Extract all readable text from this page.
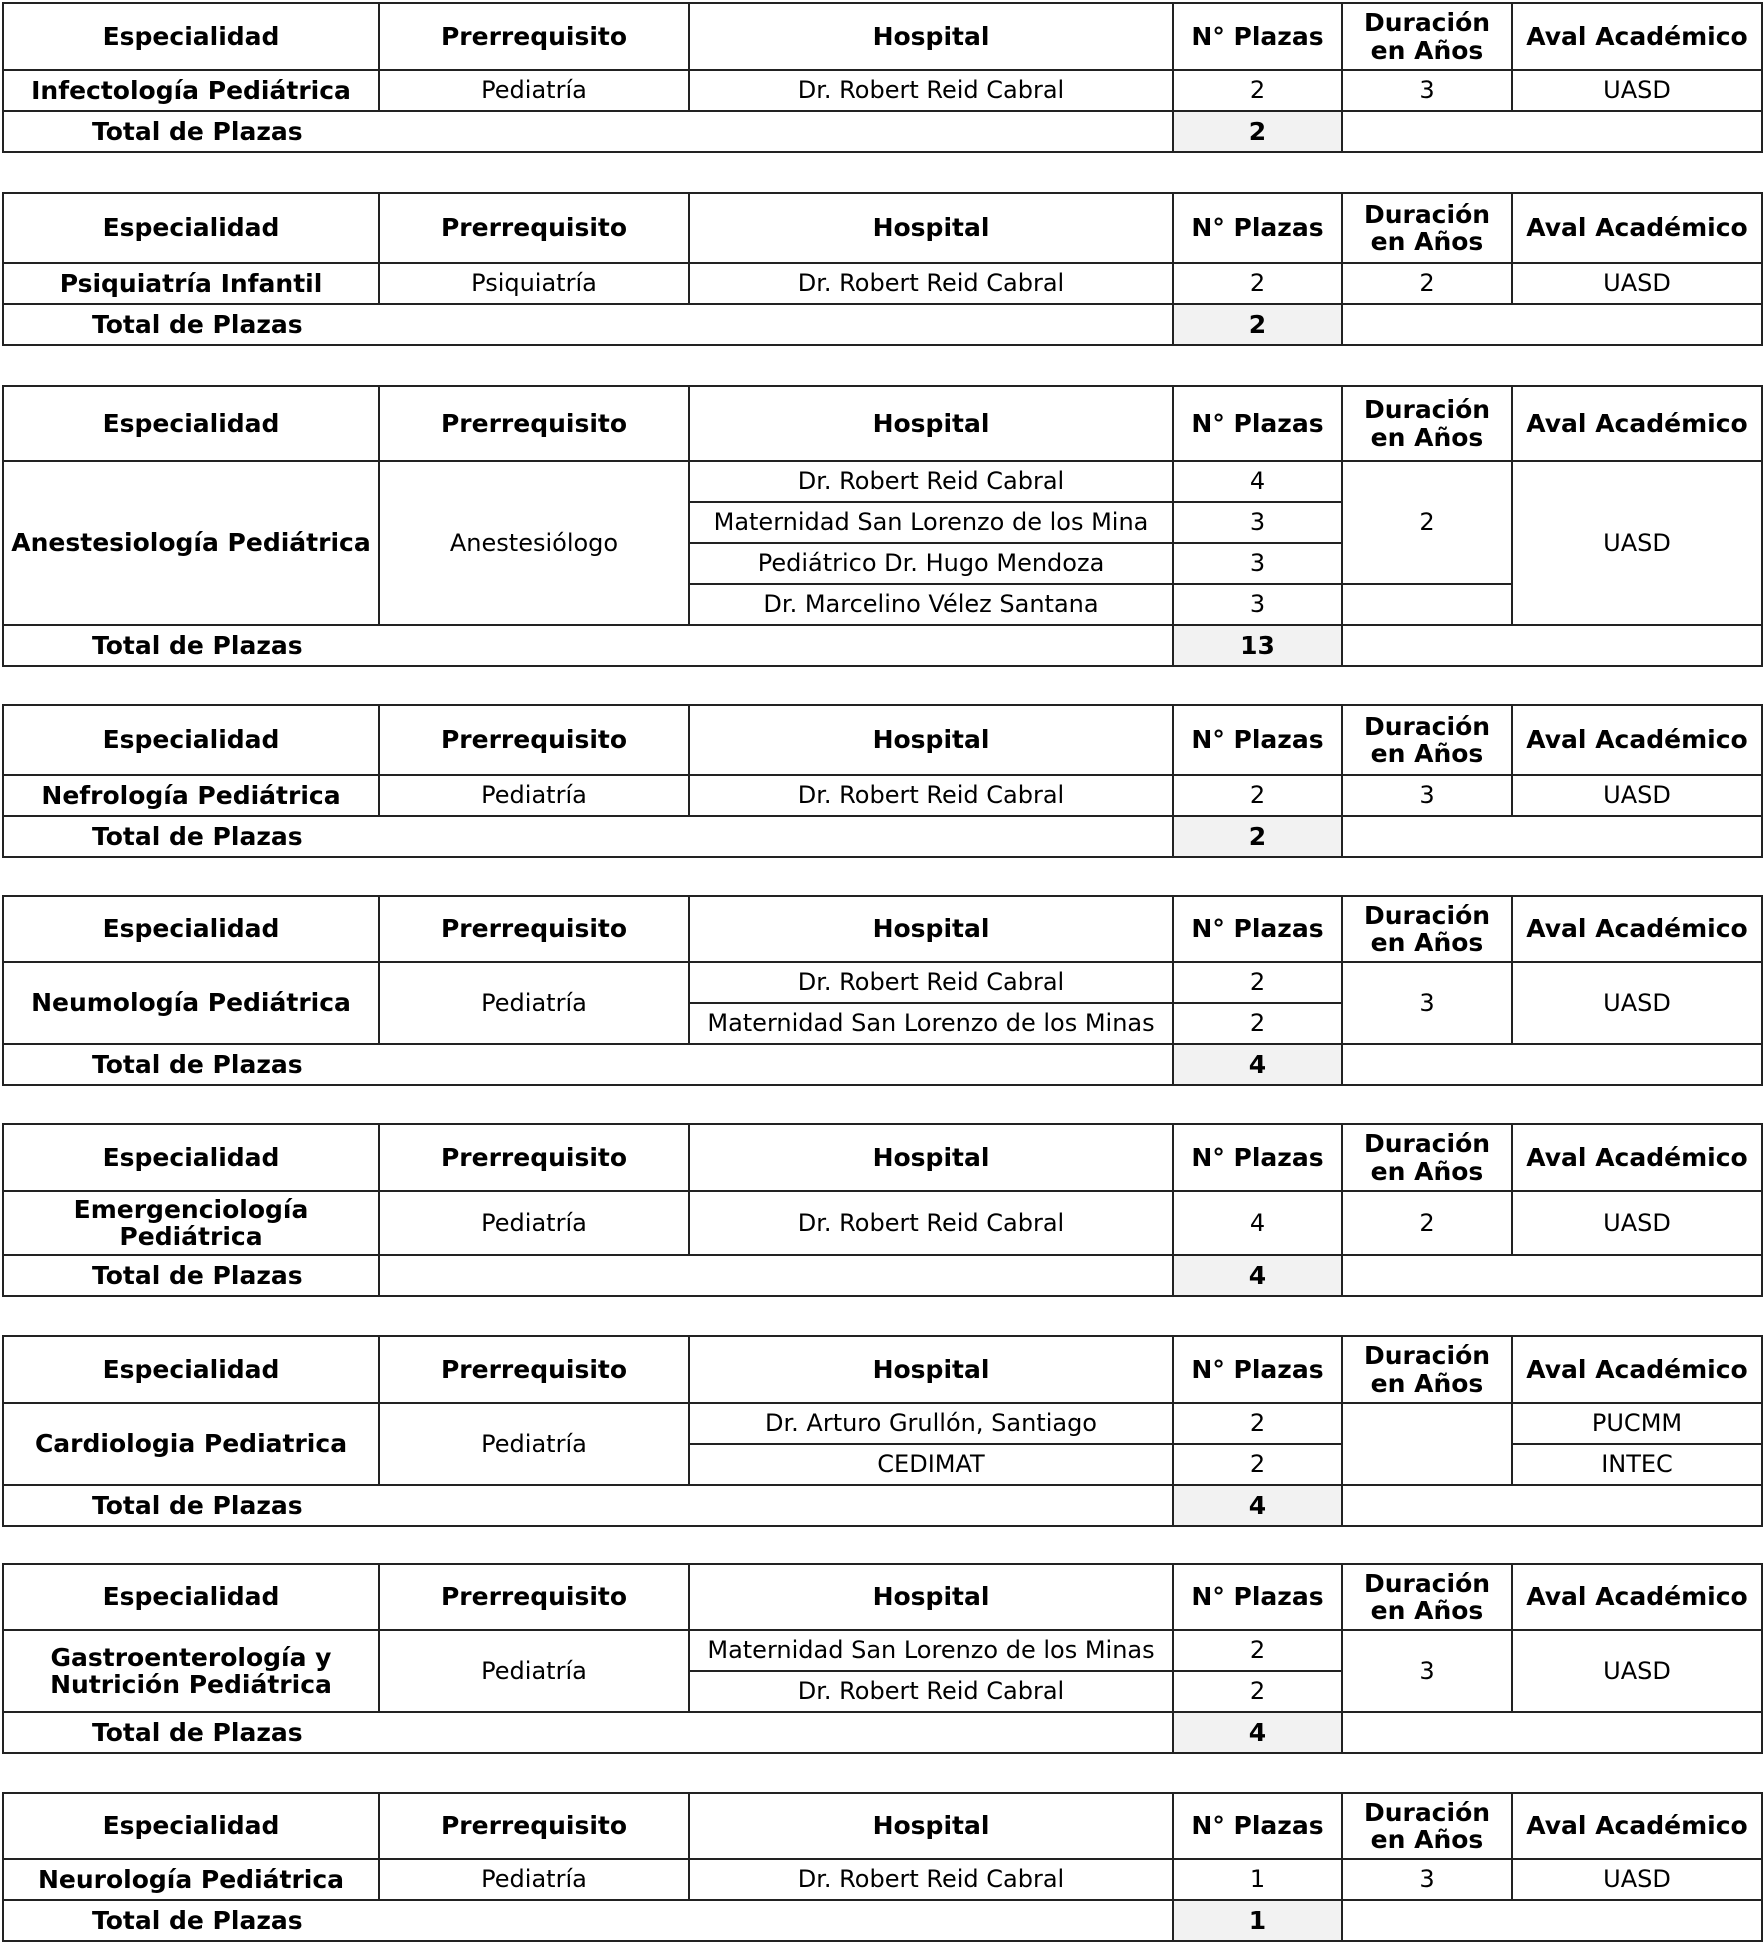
Especialidad	Prerrequisito	Hospital	N° Plazas	Duración en Años	Aval Académico
Infectología Pediátrica	Pediatría	Dr. Robert Reid Cabral	2	3	UASD
Total de Plazas			2		
Especialidad	Prerrequisito	Hospital	N° Plazas	Duración en Años	Aval Académico
Psiquiatría Infantil	Psiquiatría	Dr. Robert Reid Cabral	2	2	UASD
Total de Plazas			2		
Especialidad	Prerrequisito	Hospital	N° Plazas	Duración en Años	Aval Académico
Anestesiología Pediátrica	Anestesiólogo	Dr. Robert Reid Cabral	4	2	UASD
		Maternidad San Lorenzo de los Mina	3		
		Pediátrico Dr. Hugo Mendoza	3		
		Dr. Marcelino Vélez Santana	3		
Total de Plazas			13		
Especialidad	Prerrequisito	Hospital	N° Plazas	Duración en Años	Aval Académico
Nefrología Pediátrica	Pediatría	Dr. Robert Reid Cabral	2	3	UASD
Total de Plazas			2		
Especialidad	Prerrequisito	Hospital	N° Plazas	Duración en Años	Aval Académico
Neumología Pediátrica	Pediatría	Dr. Robert Reid Cabral	2	3	UASD
		Maternidad San Lorenzo de los Minas	2		
Total de Plazas			4		
Especialidad	Prerrequisito	Hospital	N° Plazas	Duración en Años	Aval Académico
Emergenciología Pediátrica	Pediatría	Dr. Robert Reid Cabral	4	2	UASD
Total de Plazas			4		
Especialidad	Prerrequisito	Hospital	N° Plazas	Duración en Años	Aval Académico
Cardiologia Pediatrica	Pediatría	Dr. Arturo Grullón, Santiago	2		PUCMM
		CEDIMAT	2		INTEC
Total de Plazas			4		
Especialidad	Prerrequisito	Hospital	N° Plazas	Duración en Años	Aval Académico
Gastroenterología y Nutrición Pediátrica	Pediatría	Maternidad San Lorenzo de los Minas	2	3	UASD
		Dr. Robert Reid Cabral	2		
Total de Plazas			4		
Especialidad	Prerrequisito	Hospital	N° Plazas	Duración en Años	Aval Académico
Neurología Pediátrica	Pediatría	Dr. Robert Reid Cabral	1	3	UASD
Total de Plazas			1		
